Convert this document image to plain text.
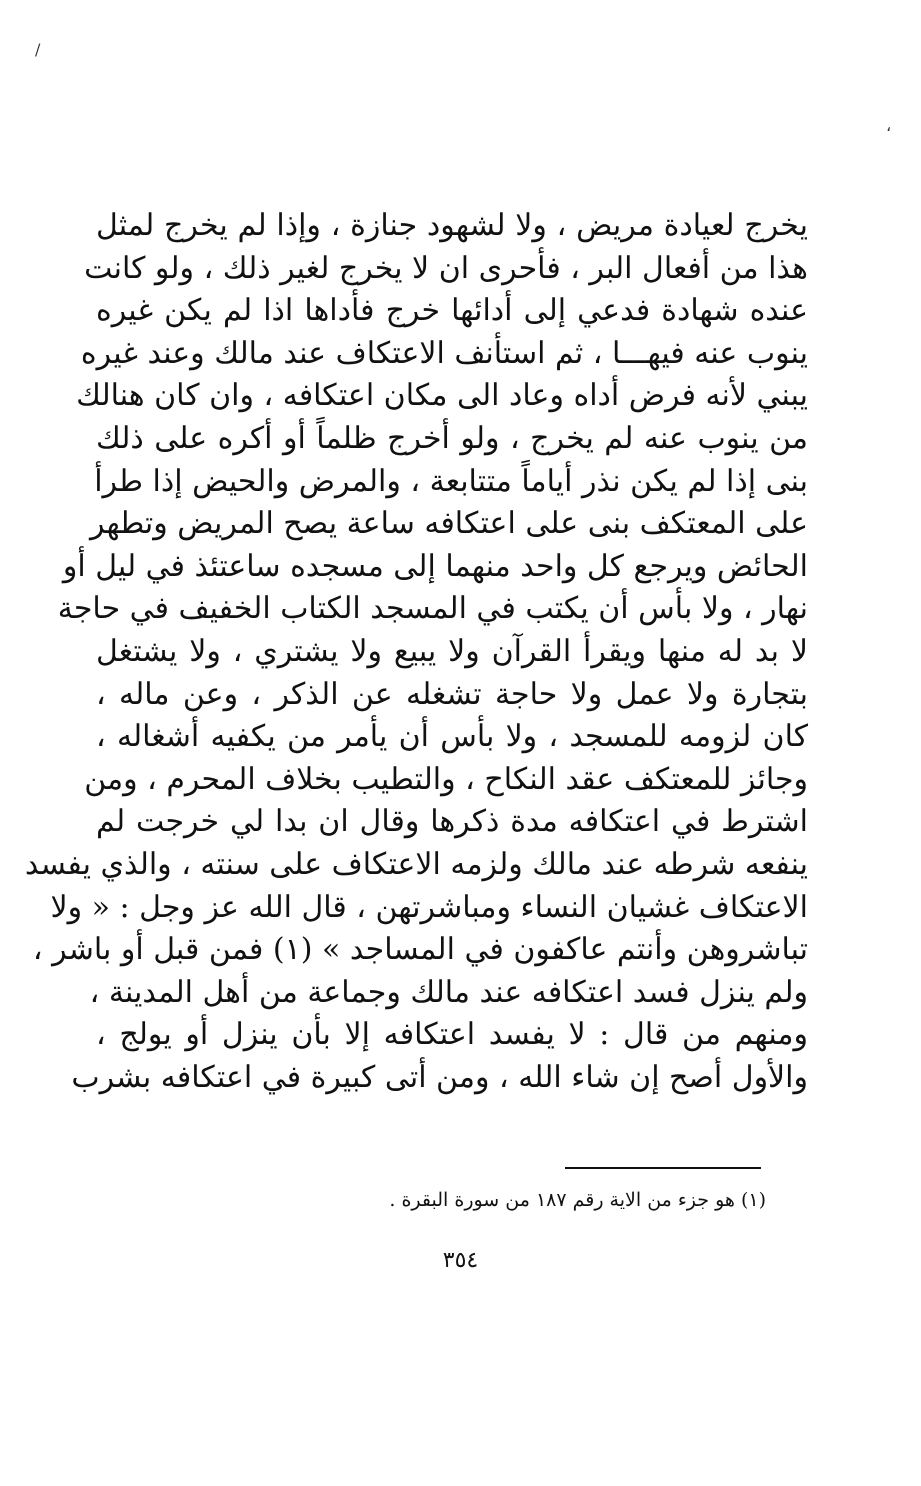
/
،
يخرج لعيادة مريض ، ولا لشهود جنازة ، وإذا لم يخرج لمثل
هذا من أفعال البر ، فأحرى ان لا يخرج لغير ذلك ، ولو كانت
عنده شهادة فدعي إلى أدائها خرج فأداها اذا لم يكن غيره
ينوب عنه فيهـــا ، ثم استأنف الاعتكاف عند مالك وعند غيره
يبني لأنه فرض أداه وعاد الى مكان اعتكافه ، وان كان هنالك
من ينوب عنه لم يخرج ، ولو أخرج ظلماً أو أكره على ذلك
بنى إذا لم يكن نذر أياماً متتابعة ، والمرض والحيض إذا طرأ
على المعتكف بنى على اعتكافه ساعة يصح المريض وتطهر
الحائض ويرجع كل واحد منهما إلى مسجده ساعتئذ في ليل أو
نهار ، ولا بأس أن يكتب في المسجد الكتاب الخفيف في حاجة
لا بد له منها ويقرأ القرآن ولا يبيع ولا يشتري ، ولا يشتغل
بتجارة ولا عمل ولا حاجة تشغله عن الذكر ، وعن ماله ،
كان لزومه للمسجد ، ولا بأس أن يأمر من يكفيه أشغاله ،
وجائز للمعتكف عقد النكاح ، والتطيب بخلاف المحرم ، ومن
اشترط في اعتكافه مدة ذكرها وقال ان بدا لي خرجت لم
ينفعه شرطه عند مالك ولزمه الاعتكاف على سنته ، والذي يفسد
الاعتكاف غشيان النساء ومباشرتهن ، قال الله عز وجل : « ولا
تباشروهن وأنتم عاكفون في المساجد » (١) فمن قبل أو باشر ،
ولم ينزل فسد اعتكافه عند مالك وجماعة من أهل المدينة ،
ومنهم من قال : لا يفسد اعتكافه إلا بأن ينزل أو يولج ،
والأول أصح إن شاء الله ، ومن أتى كبيرة في اعتكافه بشرب
(١) هو جزء من الاية رقم ١٨٧ من سورة البقرة .
٣٥٤
